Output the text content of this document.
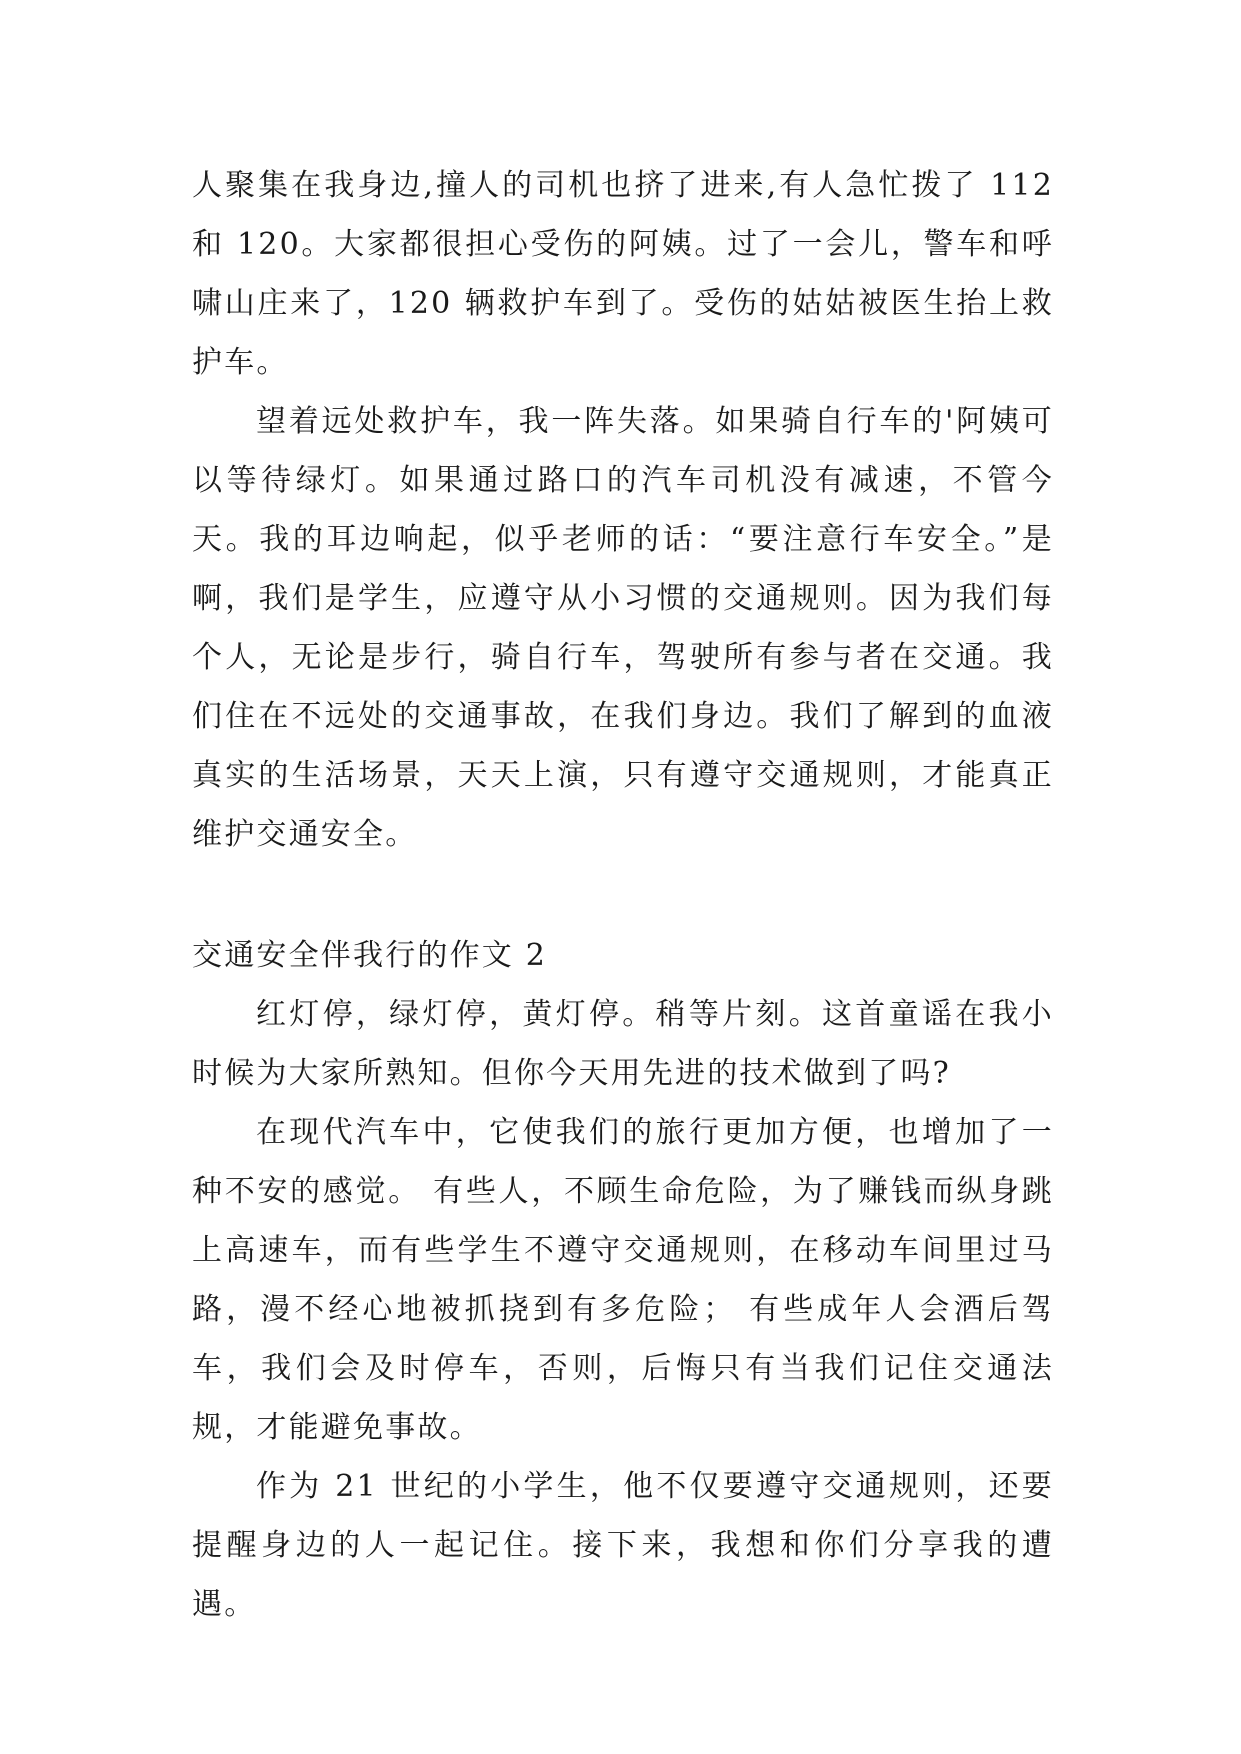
人聚集在我身边,撞人的司机也挤了进来,有人急忙拨了 112 和 120。大家都很担心受伤的阿姨。过了一会儿，警车和呼啸山庄来了，120 辆救护车到了。受伤的姑姑被医生抬上救护车。

望着远处救护车，我一阵失落。如果骑自行车的'阿姨可以等待绿灯。如果通过路口的汽车司机没有减速，不管今天。我的耳边响起，似乎老师的话：“要注意行车安全。”是啊，我们是学生，应遵守从小习惯的交通规则。因为我们每个人，无论是步行，骑自行车，驾驶所有参与者在交通。我们住在不远处的交通事故，在我们身边。我们了解到的血液真实的生活场景，天天上演，只有遵守交通规则，才能真正维护交通安全。

交通安全伴我行的作文 2

红灯停，绿灯停，黄灯停。稍等片刻。这首童谣在我小时候为大家所熟知。但你今天用先进的技术做到了吗?

在现代汽车中，它使我们的旅行更加方便，也增加了一种不安的感觉。 有些人，不顾生命危险，为了赚钱而纵身跳上高速车，而有些学生不遵守交通规则，在移动车间里过马路，漫不经心地被抓挠到有多危险； 有些成年人会酒后驾车，我们会及时停车，否则，后悔只有当我们记住交通法规，才能避免事故。

作为 21 世纪的小学生，他不仅要遵守交通规则，还要提醒身边的人一起记住。接下来，我想和你们分享我的遭遇。
